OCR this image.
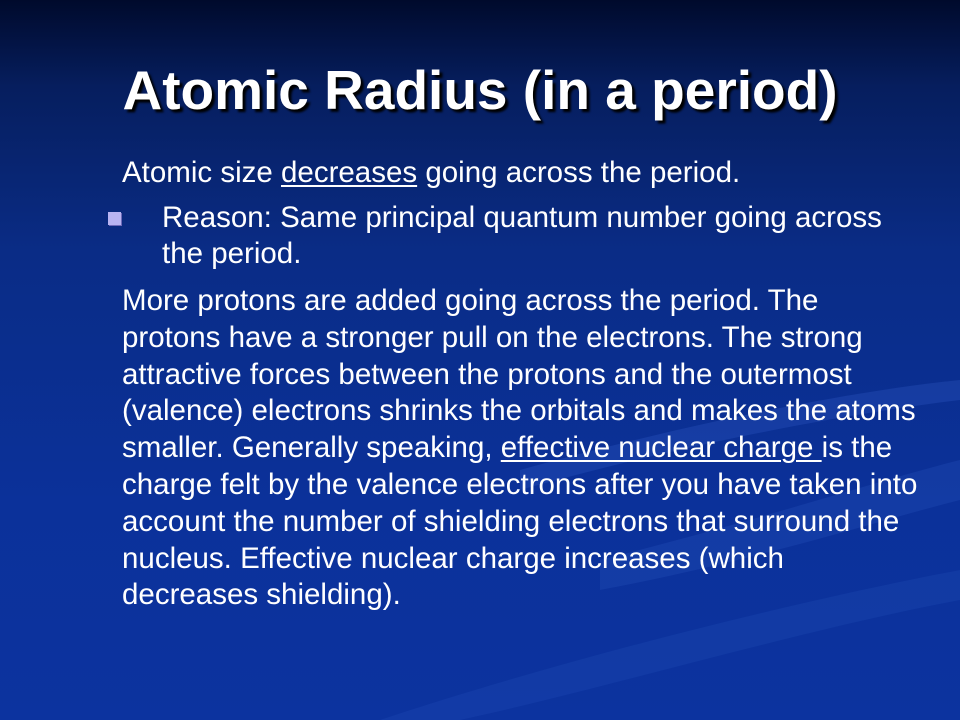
Atomic Radius (in a period)
Atomic size decreases going across the period.
Reason: Same principal quantum number going across the period.
More protons are added going across the period. The protons have a stronger pull on the electrons. The strong attractive forces between the protons and the outermost (valence) electrons shrinks the orbitals and makes the atoms smaller. Generally speaking, effective nuclear charge is the charge felt by the valence electrons after you have taken into account the number of shielding electrons that surround the nucleus. Effective nuclear charge increases (which decreases shielding).
